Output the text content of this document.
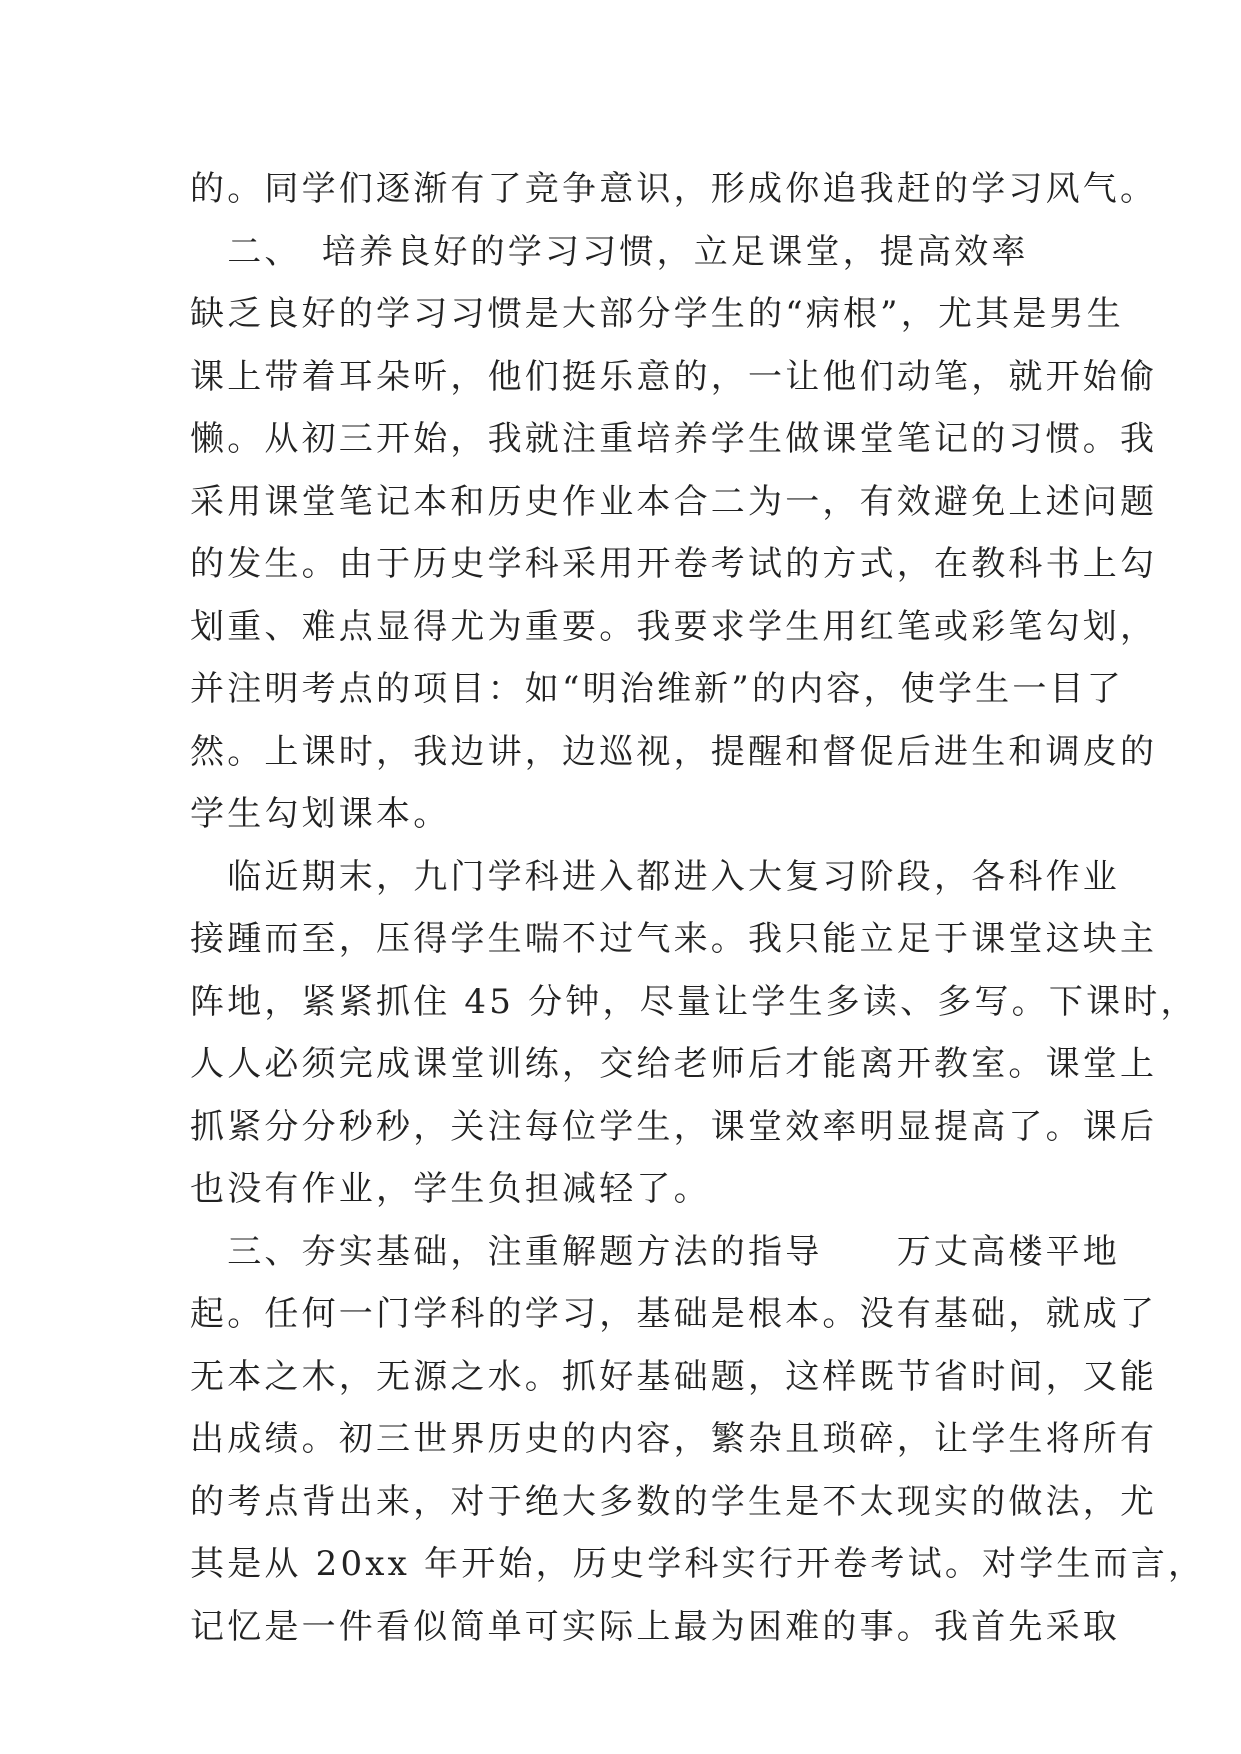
的。同学们逐渐有了竞争意识，形成你追我赶的学习风气。
　二、　培养良好的学习习惯，立足课堂，提高效率
缺乏良好的学习习惯是大部分学生的“病根”，尤其是男生
课上带着耳朵听，他们挺乐意的，一让他们动笔，就开始偷
懒。从初三开始，我就注重培养学生做课堂笔记的习惯。我
采用课堂笔记本和历史作业本合二为一，有效避免上述问题
的发生。由于历史学科采用开卷考试的方式，在教科书上勾
划重、难点显得尤为重要。我要求学生用红笔或彩笔勾划，
并注明考点的项目：如“明治维新”的内容，使学生一目了
然。上课时，我边讲，边巡视，提醒和督促后进生和调皮的
学生勾划课本。
　临近期末，九门学科进入都进入大复习阶段，各科作业
接踵而至，压得学生喘不过气来。我只能立足于课堂这块主
阵地，紧紧抓住 45 分钟，尽量让学生多读、多写。下课时，
人人必须完成课堂训练，交给老师后才能离开教室。课堂上
抓紧分分秒秒，关注每位学生，课堂效率明显提高了。课后
也没有作业，学生负担减轻了。
　三、夯实基础，注重解题方法的指导　　万丈高楼平地
起。任何一门学科的学习，基础是根本。没有基础，就成了
无本之木，无源之水。抓好基础题，这样既节省时间，又能
出成绩。初三世界历史的内容，繁杂且琐碎，让学生将所有
的考点背出来，对于绝大多数的学生是不太现实的做法，尤
其是从 20xx 年开始，历史学科实行开卷考试。对学生而言，
记忆是一件看似简单可实际上最为困难的事。我首先采取
